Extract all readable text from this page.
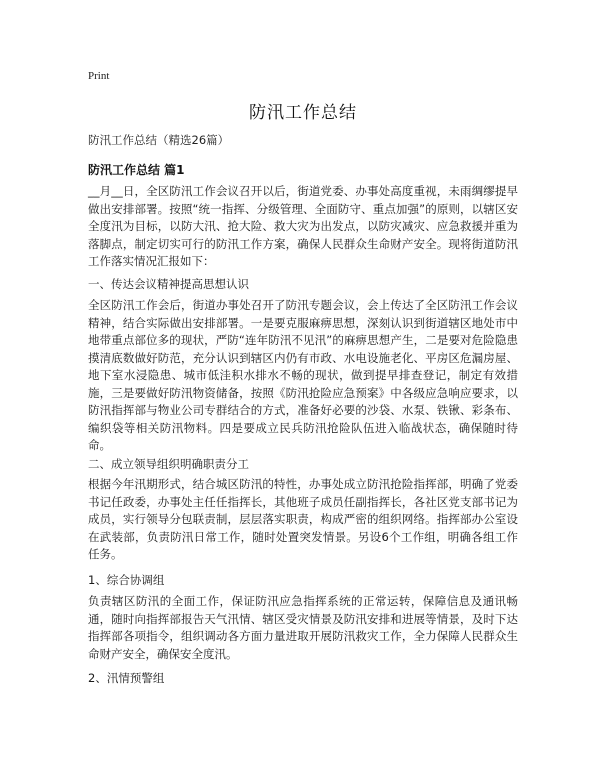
Print
防汛工作总结
防汛工作总结（精选26篇）
防汛工作总结 篇1

__月__日，全区防汛工作会议召开以后，街道党委、办事处高度重视，未雨绸缪提早做出安排部署。按照“统一指挥、分级管理、全面防守、重点加强”的原则，以辖区安全度汛为目标，以防大汛、抢大险、救大灾为出发点，以防灾减灾、应急救援并重为落脚点，制定切实可行的防汛工作方案，确保人民群众生命财产安全。现将街道防汛工作落实情况汇报如下：

一、传达会议精神提高思想认识

全区防汛工作会后，街道办事处召开了防汛专题会议，会上传达了全区防汛工作会议精神，结合实际做出安排部署。一是要克服麻痹思想，深刻认识到街道辖区地处市中地带重点部位多的现状，严防“连年防汛不见汛”的麻痹思想产生，二是要对危险隐患摸清底数做好防范，充分认识到辖区内仍有市政、水电设施老化、平房区危漏房屋、地下室水浸隐患、城市低洼积水排水不畅的现状，做到提早排查登记，制定有效措施，三是要做好防汛物资储备，按照《防汛抢险应急预案》中各级应急响应要求，以防汛指挥部与物业公司专群结合的方式，准备好必要的沙袋、水泵、铁锹、彩条布、编织袋等相关防汛物料。四是要成立民兵防汛抢险队伍进入临战状态，确保随时待命。

二、成立领导组织明确职责分工

根据今年汛期形式，结合城区防汛的特性，办事处成立防汛抢险指挥部，明确了党委书记任政委，办事处主任任指挥长，其他班子成员任副指挥长，各社区党支部书记为成员，实行领导分包联责制，层层落实职责，构成严密的组织网络。指挥部办公室设在武装部，负责防汛日常工作，随时处置突发情景。另设6个工作组，明确各组工作任务。

1、综合协调组

负责辖区防汛的全面工作，保证防汛应急指挥系统的正常运转，保障信息及通讯畅通，随时向指挥部报告天气汛情、辖区受灾情景及防汛安排和进展等情景，及时下达指挥部各项指令，组织调动各方面力量进取开展防汛救灾工作，全力保障人民群众生命财产安全，确保安全度汛。

2、汛情预警组
